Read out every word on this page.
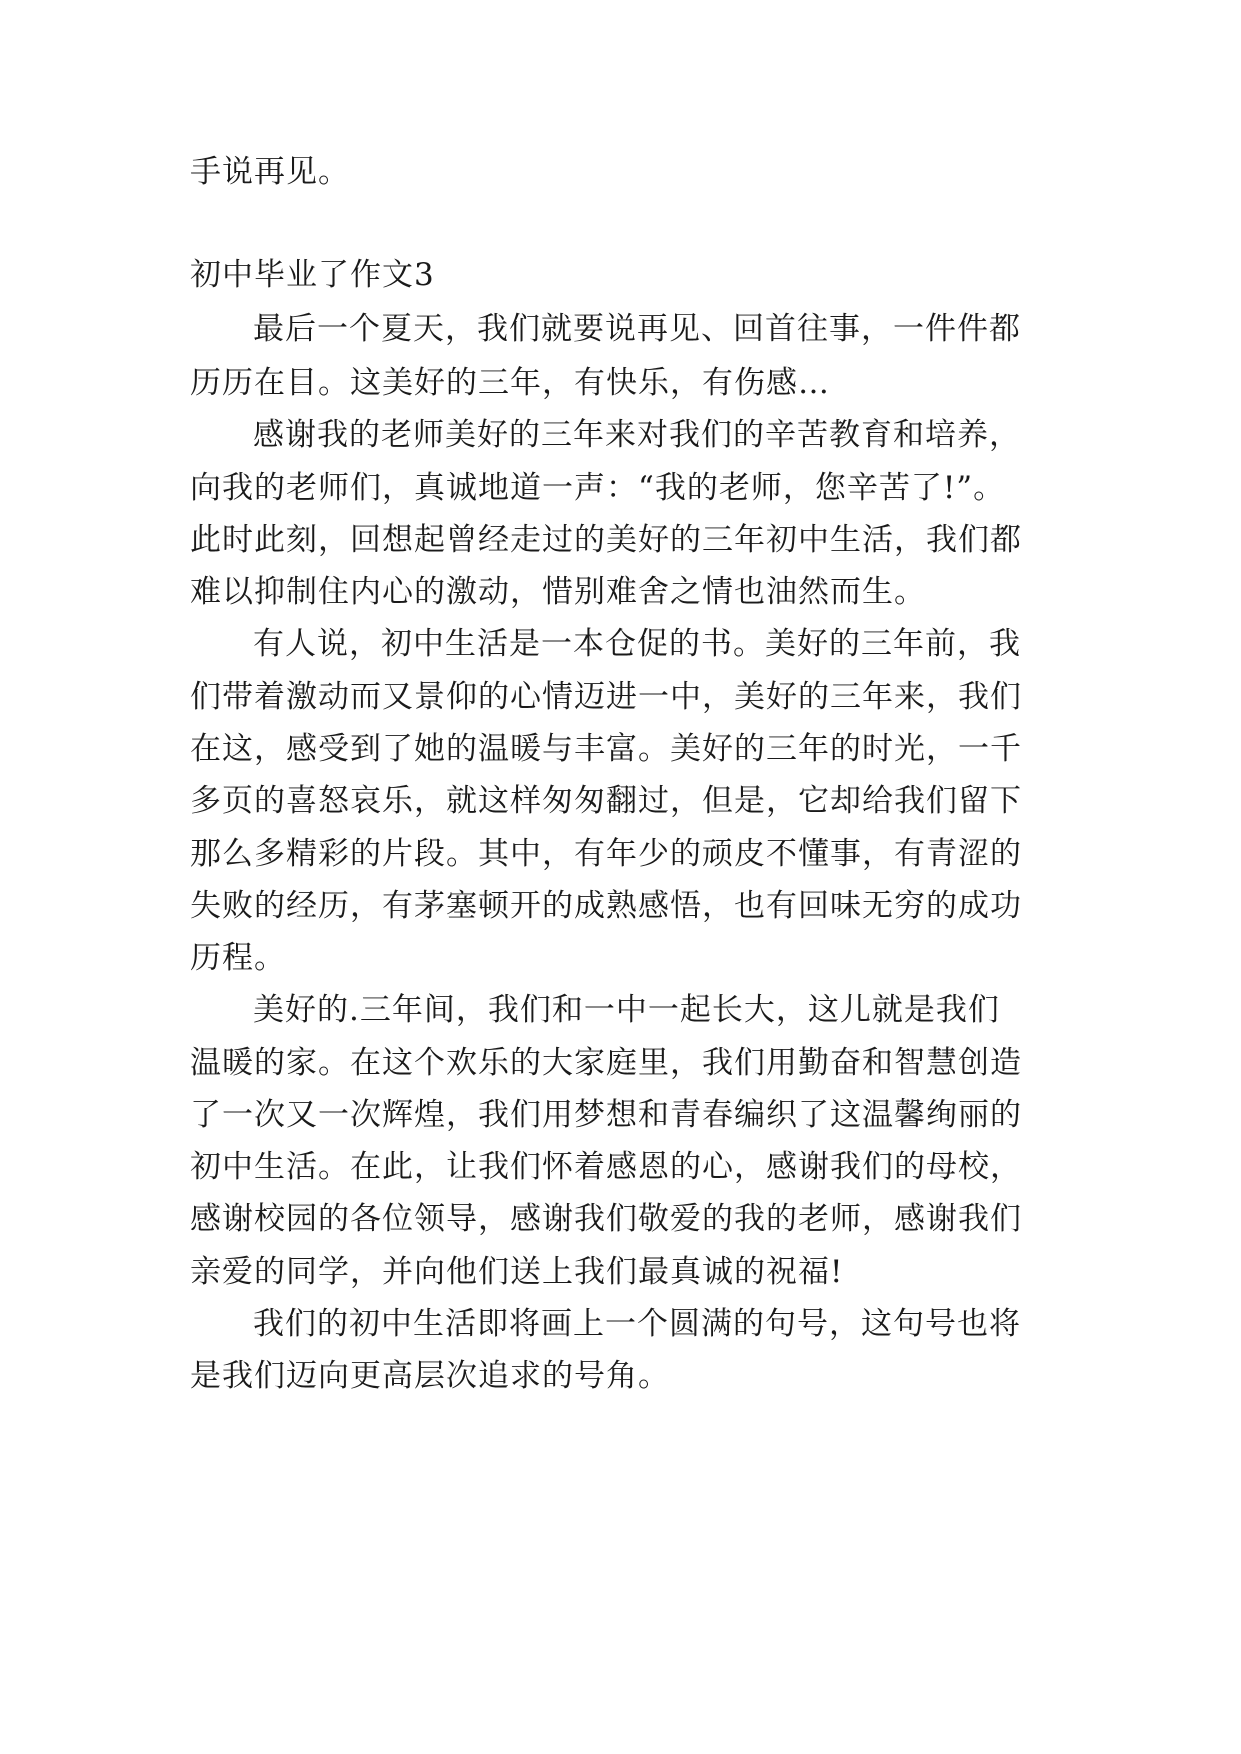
手说再见。
初中毕业了作文3
最后一个夏天，我们就要说再见、回首往事，一件件都
历历在目。这美好的三年，有快乐，有伤感…
感谢我的老师美好的三年来对我们的辛苦教育和培养，
向我的老师们，真诚地道一声：“我的老师，您辛苦了!”。
此时此刻，回想起曾经走过的美好的三年初中生活，我们都
难以抑制住内心的激动，惜别难舍之情也油然而生。
有人说，初中生活是一本仓促的书。美好的三年前，我
们带着激动而又景仰的心情迈进一中，美好的三年来，我们
在这，感受到了她的温暖与丰富。美好的三年的时光，一千
多页的喜怒哀乐，就这样匆匆翻过，但是，它却给我们留下
那么多精彩的片段。其中，有年少的顽皮不懂事，有青涩的
失败的经历，有茅塞顿开的成熟感悟，也有回味无穷的成功
历程。
美好的.三年间，我们和一中一起长大，这儿就是我们
温暖的家。在这个欢乐的大家庭里，我们用勤奋和智慧创造
了一次又一次辉煌，我们用梦想和青春编织了这温馨绚丽的
初中生活。在此，让我们怀着感恩的心，感谢我们的母校，
感谢校园的各位领导，感谢我们敬爱的我的老师，感谢我们
亲爱的同学，并向他们送上我们最真诚的祝福!
我们的初中生活即将画上一个圆满的句号，这句号也将
是我们迈向更高层次追求的号角。
